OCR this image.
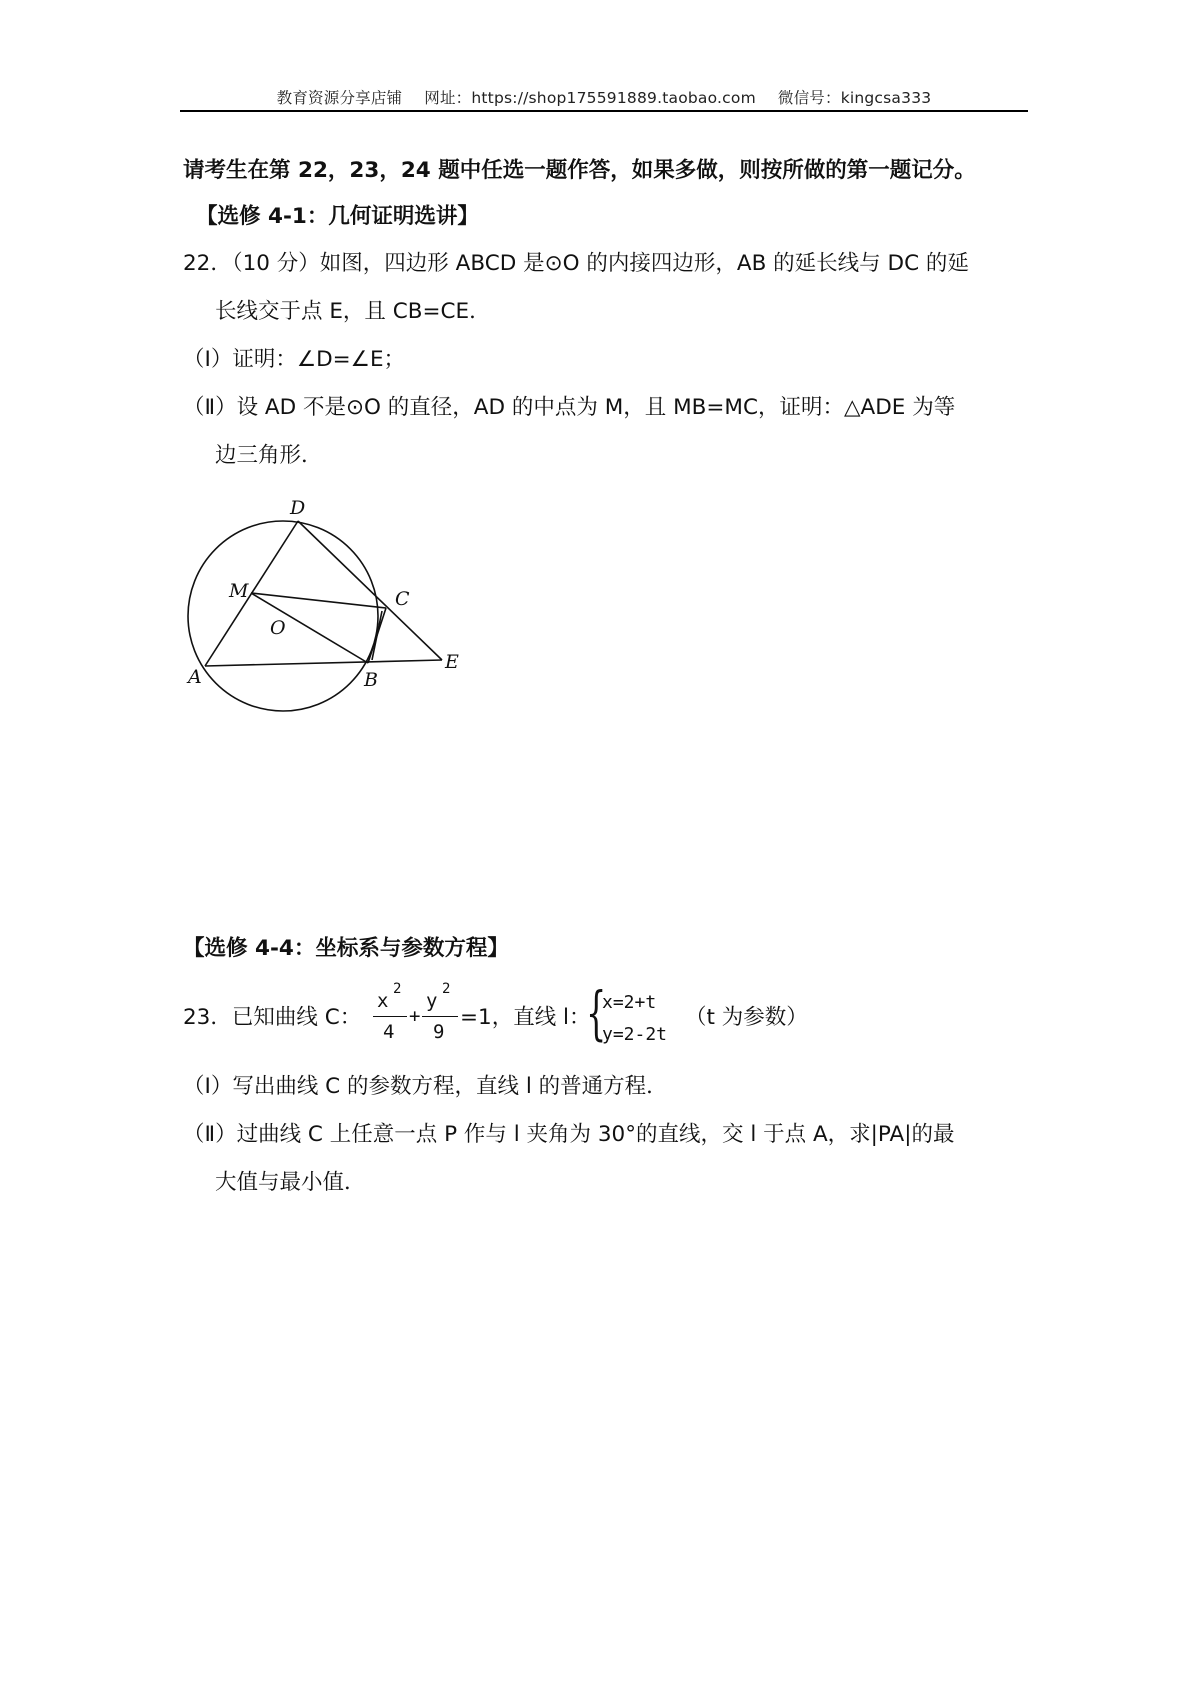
教育资源分享店铺 网址：https://shop175591889.taobao.com 微信号：kingcsa333
请考生在第 22，23，24 题中任选一题作答，如果多做，则按所做的第一题记分。
【选修 4-1：几何证明选讲】
22．（10 分）如图，四边形 ABCD 是⊙O 的内接四边形，AB 的延长线与 DC 的延
长线交于点 E，且 CB=CE．
（Ⅰ）证明：∠D=∠E；
（Ⅱ）设 AD 不是⊙O 的直径，AD 的中点为 M，且 MB=MC，证明：△ADE 为等
边三角形．
D
M	C
O
A	B
E
【选修 4-4：坐标系与参数方程】
23．已知曲线 C：
x
2
4
+
y
2
9
=1，直线 l：
{
x=2+t
y=2-2t
（t 为参数）
（Ⅰ）写出曲线 C 的参数方程，直线 l 的普通方程．
（Ⅱ）过曲线 C 上任意一点 P 作与 l 夹角为 30°的直线，交 l 于点 A，求|PA|的最
大值与最小值．
